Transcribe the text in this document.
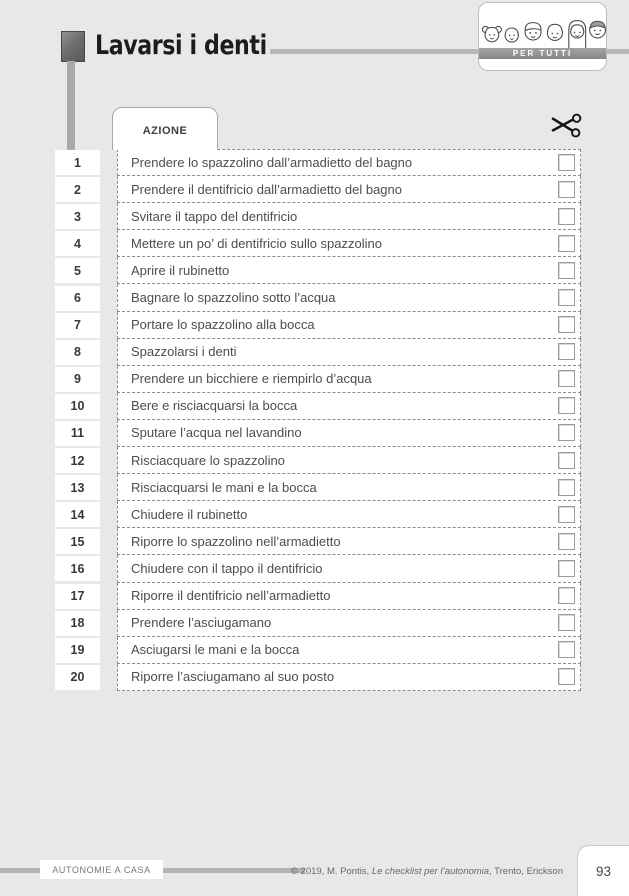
Lavarsi i denti	PER TUTTI
azione
1	Prendere lo spazzolino dall’armadietto del bagno
2	Prendere il dentifricio dall’armadietto del bagno
3	Svitare il tappo del dentifricio
4	Mettere un po’ di dentifricio sullo spazzolino
5	Aprire il rubinetto
6	Bagnare lo spazzolino sotto l’acqua
7	Portare lo spazzolino alla bocca
8	Spazzolarsi i denti
9	Prendere un bicchiere e riempirlo d’acqua
10	Bere e risciacquarsi la bocca
11	Sputare l’acqua nel lavandino
12	Risciacquare lo spazzolino
13	Risciacquarsi le mani e la bocca
14	Chiudere il rubinetto
15	Riporre lo spazzolino nell’armadietto
16	Chiudere con il tappo il dentifricio
17	Riporre il dentifricio nell’armadietto
18	Prendere l’asciugamano
19	Asciugarsi le mani e la bocca
20	Riporre l’asciugamano al suo posto
AUTONOMIE A CASA	© 2019, M. Pontis, Le checklist per l’autonomia, Trento, Erickson 93
